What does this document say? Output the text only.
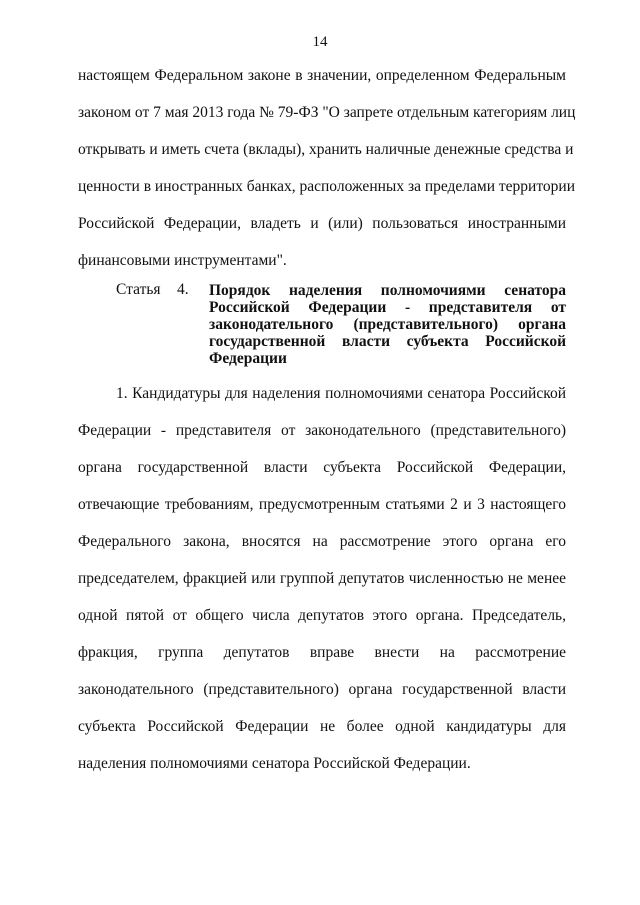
14
настоящем Федеральном законе в значении, определенном Федеральным
законом от 7 мая 2013 года № 79-ФЗ "О запрете отдельным категориям лиц
открывать и иметь счета (вклады), хранить наличные денежные средства и
ценности в иностранных банках, расположенных за пределами территории
Российской Федерации, владеть и (или) пользоваться иностранными
финансовыми инструментами".
Статья 4. Порядок наделения полномочиями сенатора
Российской Федерации - представителя от
законодательного (представительного) органа
государственной власти субъекта Российской
Федерации
1. Кандидатуры для наделения полномочиями сенатора Российской
Федерации - представителя от законодательного (представительного)
органа государственной власти субъекта Российской Федерации,
отвечающие требованиям, предусмотренным статьями 2 и 3 настоящего
Федерального закона, вносятся на рассмотрение этого органа его
председателем, фракцией или группой депутатов численностью не менее
одной пятой от общего числа депутатов этого органа. Председатель,
фракция, группа депутатов вправе внести на рассмотрение
законодательного (представительного) органа государственной власти
субъекта Российской Федерации не более одной кандидатуры для
наделения полномочиями сенатора Российской Федерации.
